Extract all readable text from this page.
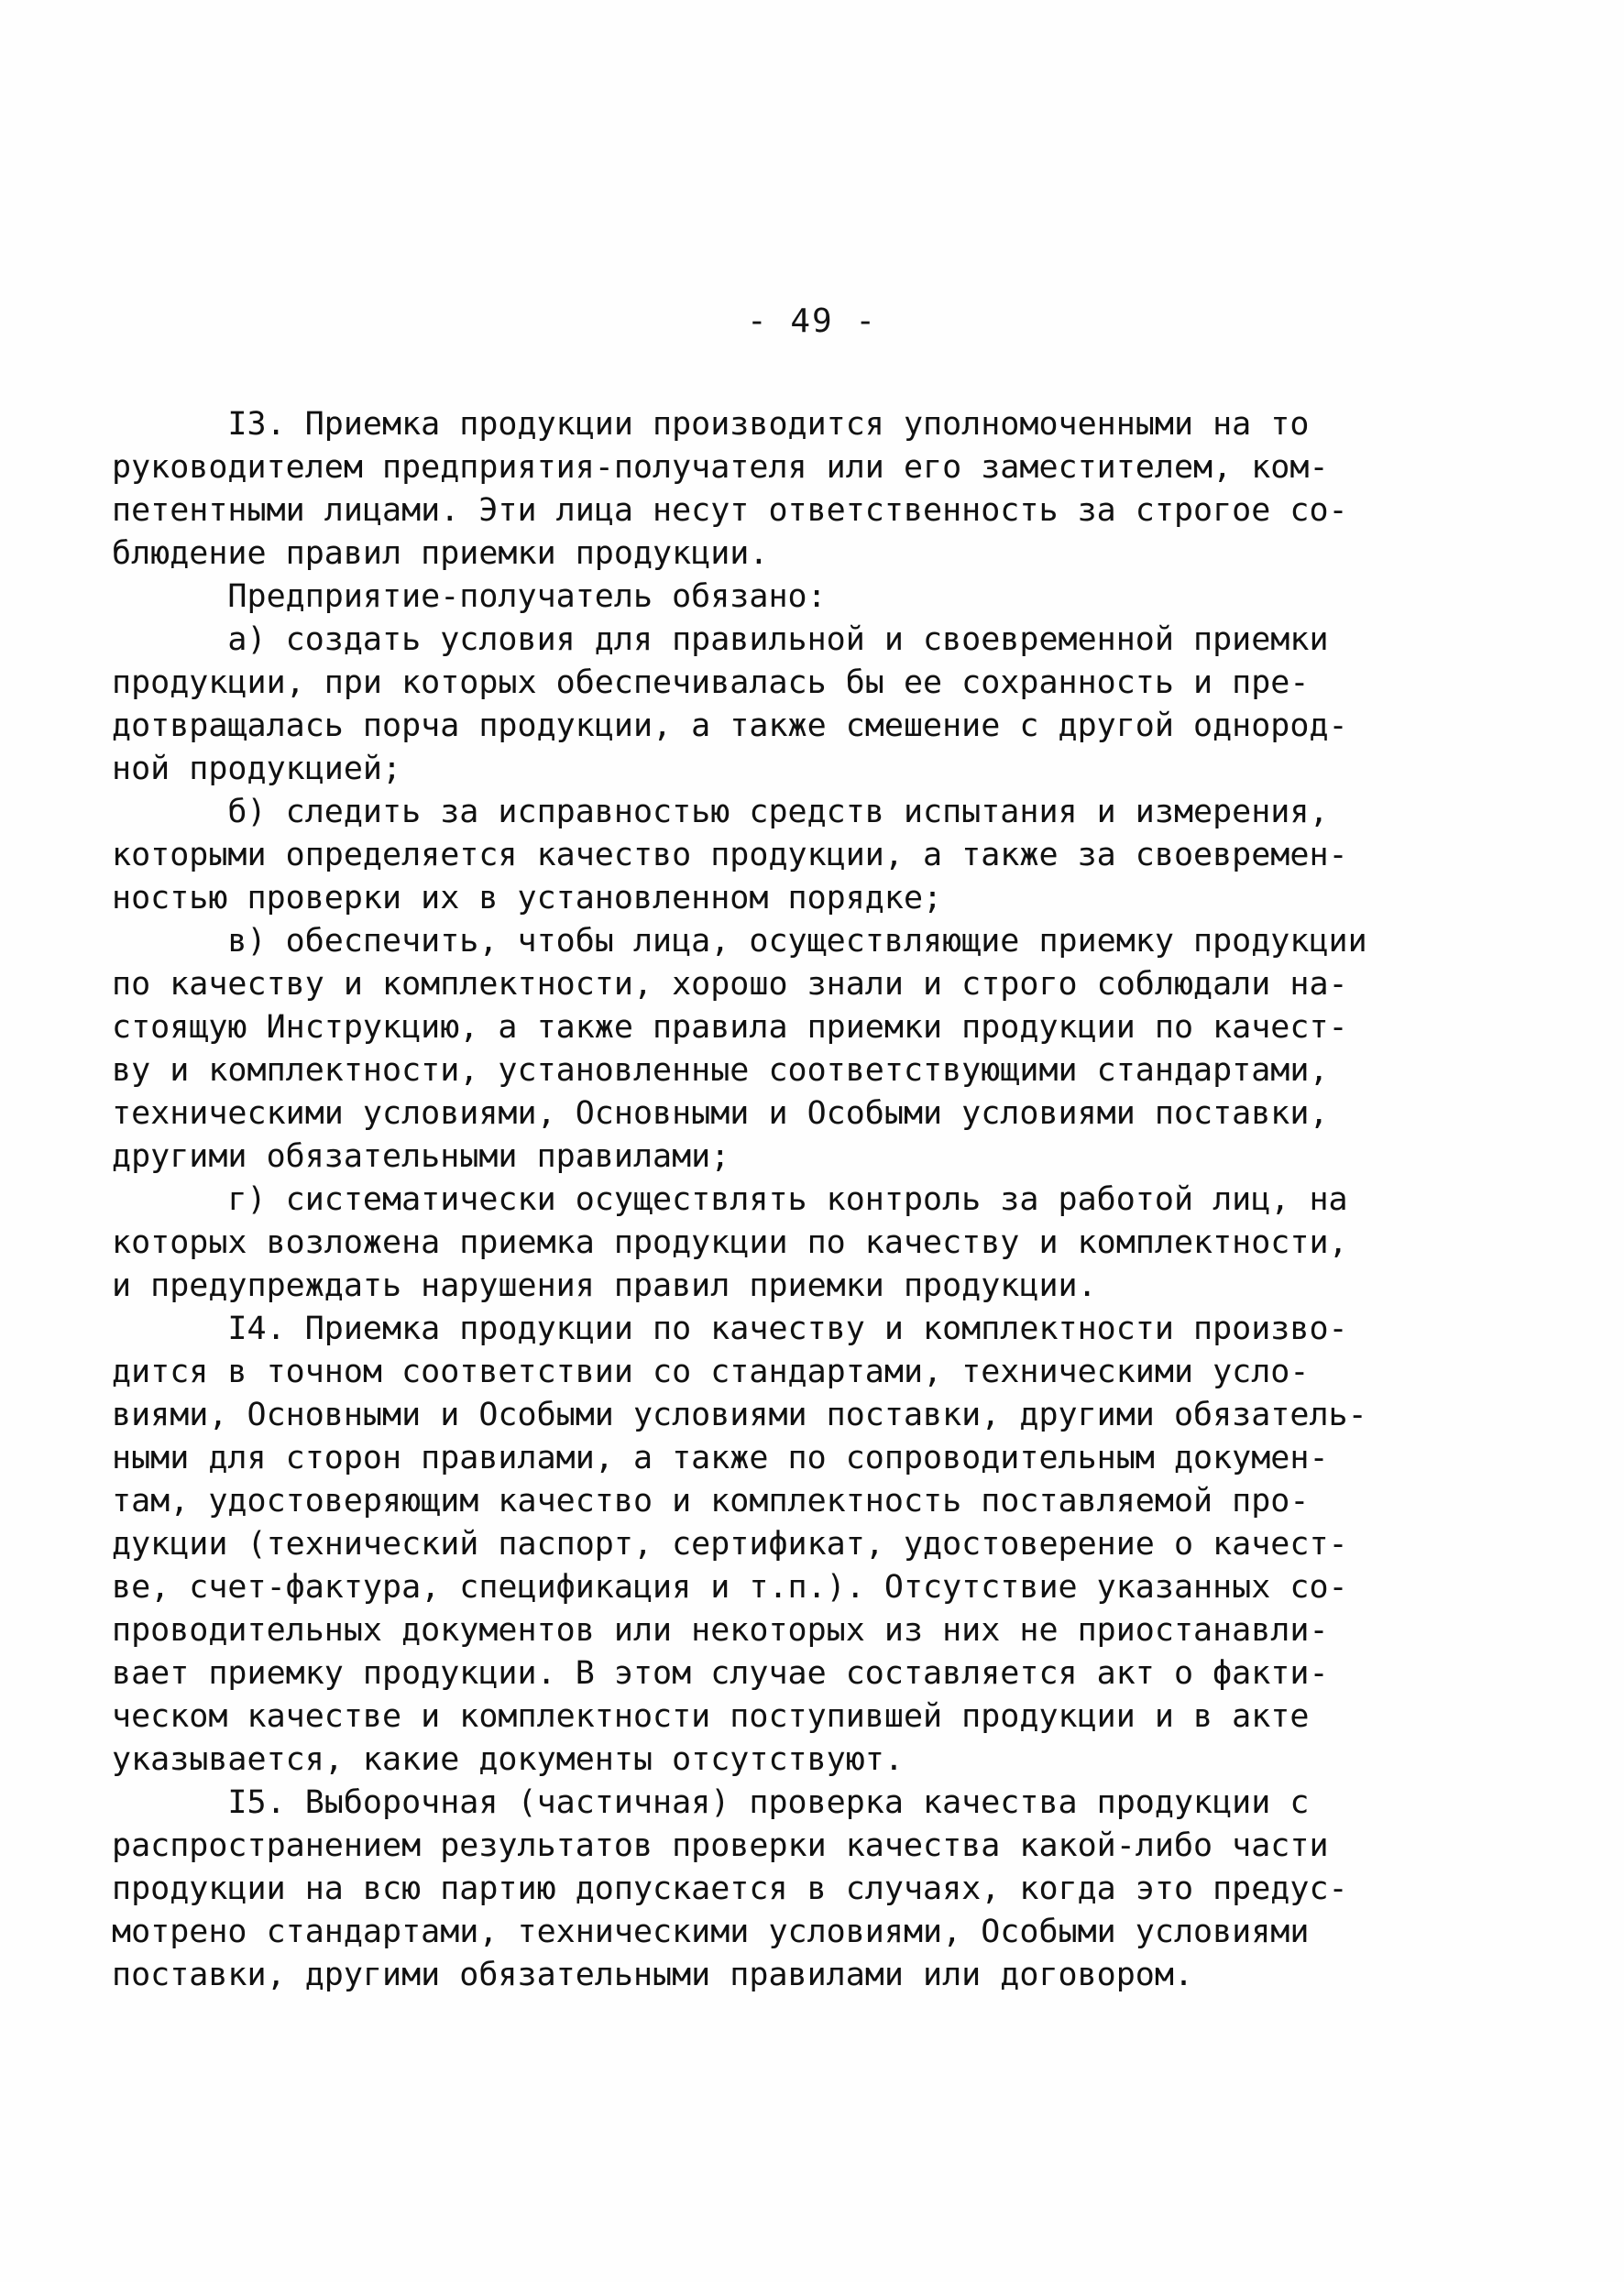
- 49 -
I3. Приемка продукции производится уполномоченными на то
руководителем предприятия-получателя или его заместителем, ком-
петентными лицами. Эти лица несут ответственность за строгое со-
блюдение правил приемки продукции.
Предприятие-получатель обязано:
а) создать условия для правильной и своевременной приемки
продукции, при которых обеспечивалась бы ее сохранность и пре-
дотвращалась порча продукции, а также смешение с другой однород-
ной продукцией;
б) следить за исправностью средств испытания и измерения,
которыми определяется качество продукции, а также за своевремен-
ностью проверки их в установленном порядке;
в) обеспечить, чтобы лица, осуществляющие приемку продукции
по качеству и комплектности, хорошо знали и строго соблюдали на-
стоящую Инструкцию, а также правила приемки продукции по качест-
ву и комплектности, установленные соответствующими стандартами,
техническими условиями, Основными и Особыми условиями поставки,
другими обязательными правилами;
г) систематически осуществлять контроль за работой лиц, на
которых возложена приемка продукции по качеству и комплектности,
и предупреждать нарушения правил приемки продукции.
I4. Приемка продукции по качеству и комплектности произво-
дится в точном соответствии со стандартами, техническими усло-
виями, Основными и Особыми условиями поставки, другими обязатель-
ными для сторон правилами, а также по сопроводительным докумен-
там, удостоверяющим качество и комплектность поставляемой про-
дукции (технический паспорт, сертификат, удостоверение о качест-
ве, счет-фактура, спецификация и т.п.). Отсутствие указанных со-
проводительных документов или некоторых из них не приостанавли-
вает приемку продукции. В этом случае составляется акт о факти-
ческом качестве и комплектности поступившей продукции и в акте
указывается, какие документы отсутствуют.
I5. Выборочная (частичная) проверка качества продукции с
распространением результатов проверки качества какой-либо части
продукции на всю партию допускается в случаях, когда это предус-
мотрено стандартами, техническими условиями, Особыми условиями
поставки, другими обязательными правилами или договором.
